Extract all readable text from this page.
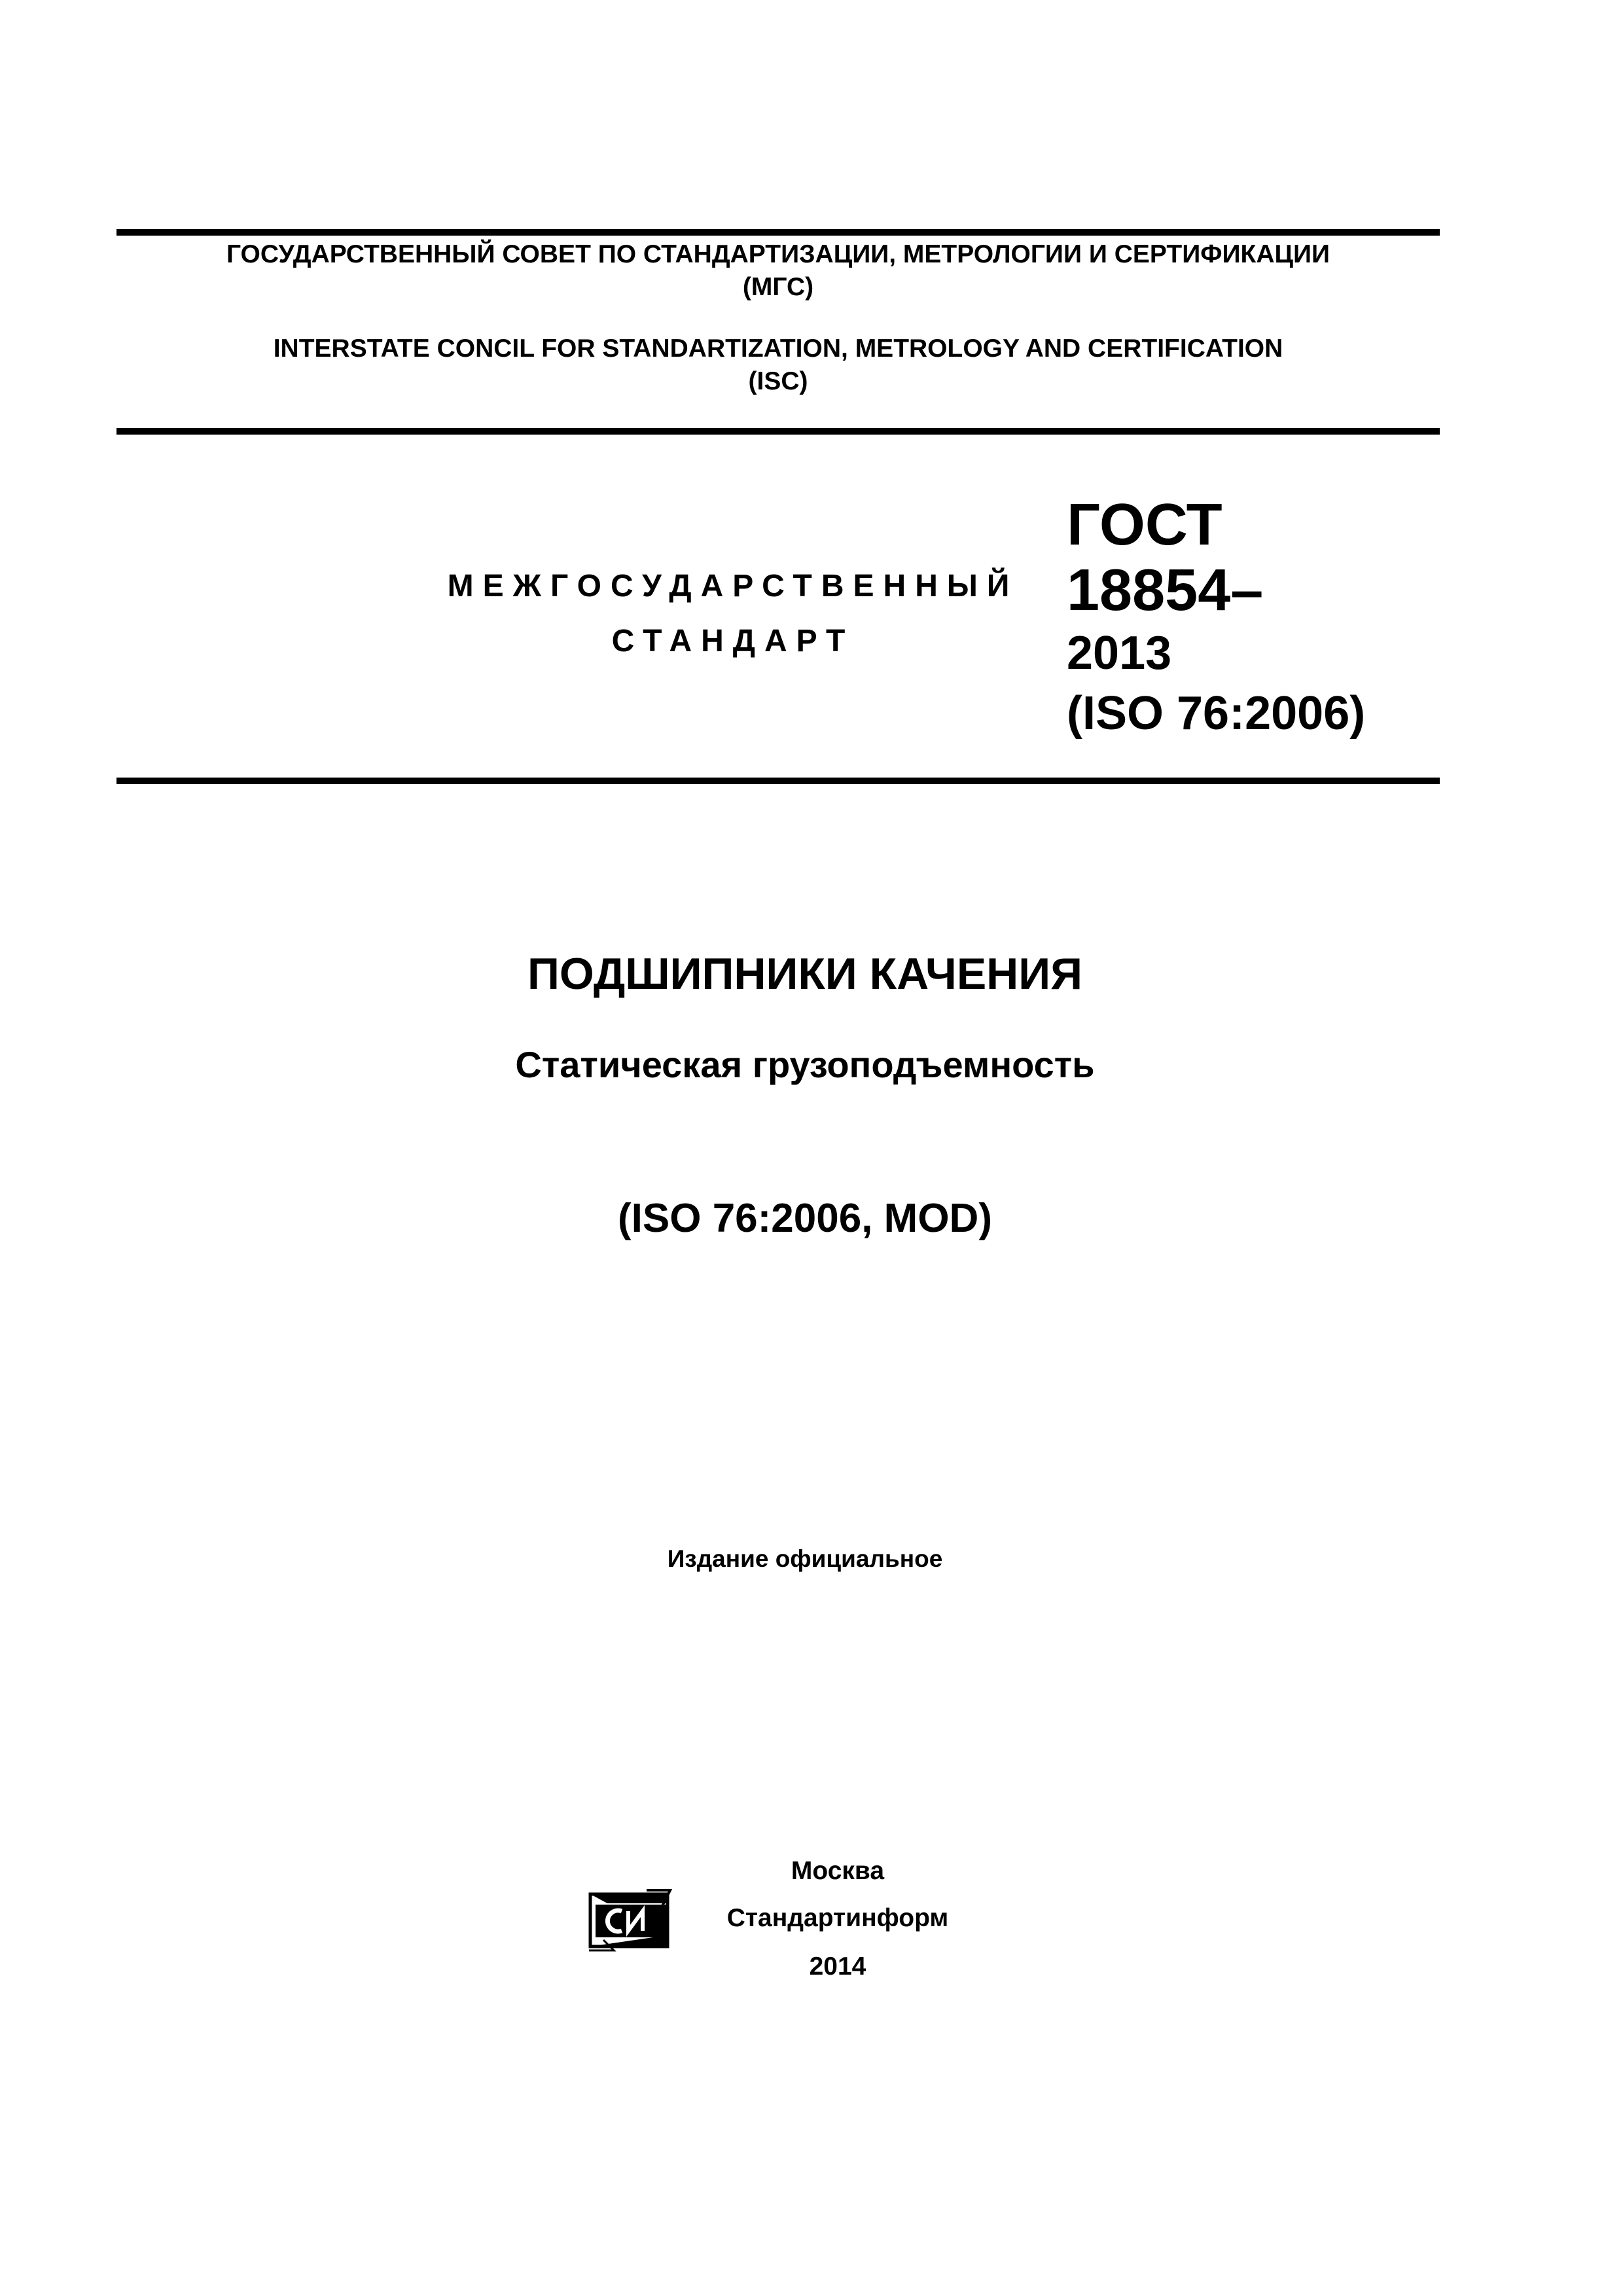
ГОСУДАРСТВЕННЫЙ СОВЕТ ПО СТАНДАРТИЗАЦИИ, МЕТРОЛОГИИ И СЕРТИФИКАЦИИ
(МГС)
INTERSTATE CONCIL FOR STANDARTIZATION, METROLOGY AND CERTIFICATION
(ISC)
МЕЖГОСУДАРСТВЕННЫЙ
СТАНДАРТ
ГОСТ
18854–
2013
(ISO 76:2006)
ПОДШИПНИКИ КАЧЕНИЯ
Статическая грузоподъемность
(ISO 76:2006, MOD)
Издание официальное
Москва
Стандартинформ
2014
